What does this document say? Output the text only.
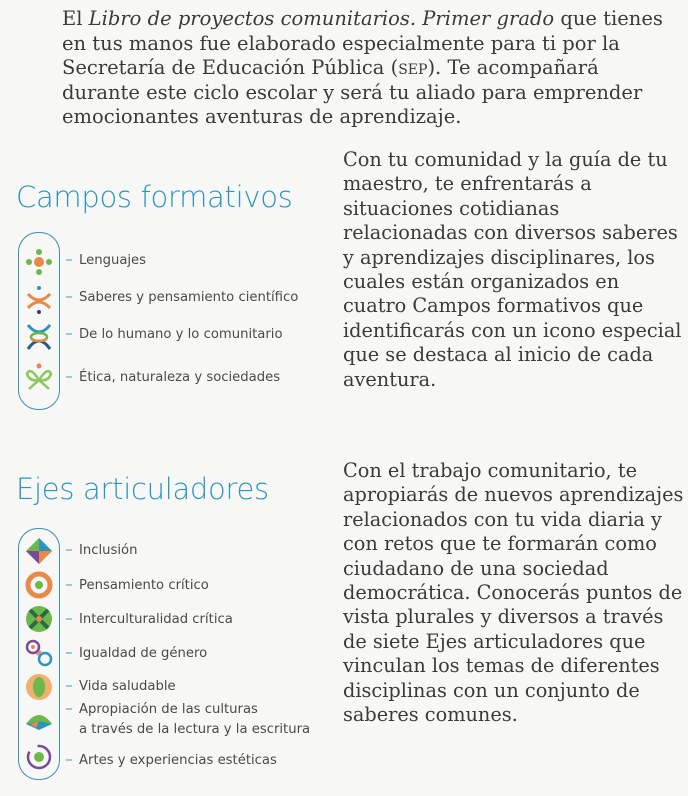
El Libro de proyectos comunitarios. Primer grado que tienes en tus manos fue elaborado especialmente para ti por la Secretaría de Educación Pública (sep). Te acompañará durante este ciclo escolar y será tu aliado para emprender emocionantes aventuras de aprendizaje.
Campos formativos
Con tu comunidad y la guía de tu maestro, te enfrentarás a situaciones cotidianas relacionadas con diversos saberes y aprendizajes disciplinares, los cuales están organizados en cuatro Campos formativos que identificarás con un icono especial que se destaca al inicio de cada aventura.
Lenguajes
Saberes y pensamiento científico
De lo humano y lo comunitario
Ética, naturaleza y sociedades
Ejes articuladores
Con el trabajo comunitario, te apropiarás de nuevos aprendizajes relacionados con tu vida diaria y con retos que te formarán como ciudadano de una sociedad democrática. Conocerás puntos de vista plurales y diversos a través de siete Ejes articuladores que vinculan los temas de diferentes disciplinas con un conjunto de saberes comunes.
Inclusión
Pensamiento crítico
Interculturalidad crítica
Igualdad de género
Vida saludable
Apropiación de las culturas
a través de la lectura y la escritura
Artes y experiencias estéticas
